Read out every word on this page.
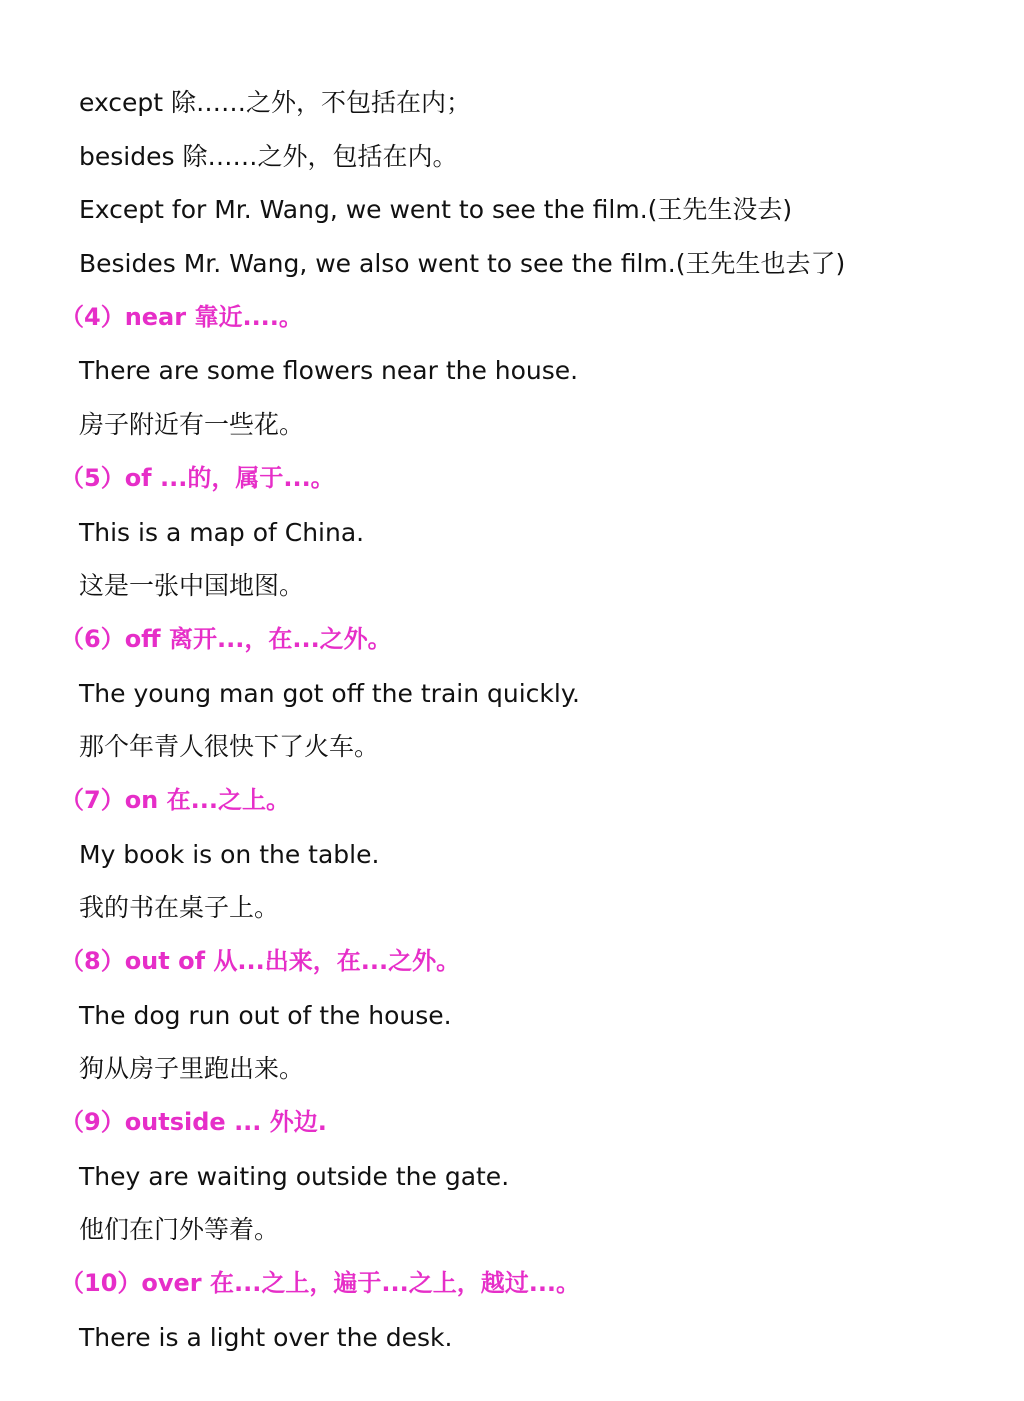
except 除……之外，不包括在内；
besides 除……之外，包括在内。
Except for Mr. Wang, we went to see the film.(王先生没去)
Besides Mr. Wang, we also went to see the film.(王先生也去了)
（4）near 靠近....。
There are some flowers near the house.
房子附近有一些花。
（5）of ...的，属于...。
This is a map of China.
这是一张中国地图。
（6）off 离开...，在...之外。
The young man got off the train quickly.
那个年青人很快下了火车。
（7）on 在...之上。
My book is on the table.
我的书在桌子上。
（8）out of 从...出来，在...之外。
The dog run out of the house.
狗从房子里跑出来。
（9）outside ... 外边.
They are waiting outside the gate.
他们在门外等着。
（10）over 在...之上，遍于...之上，越过...。
There is a light over the desk.
